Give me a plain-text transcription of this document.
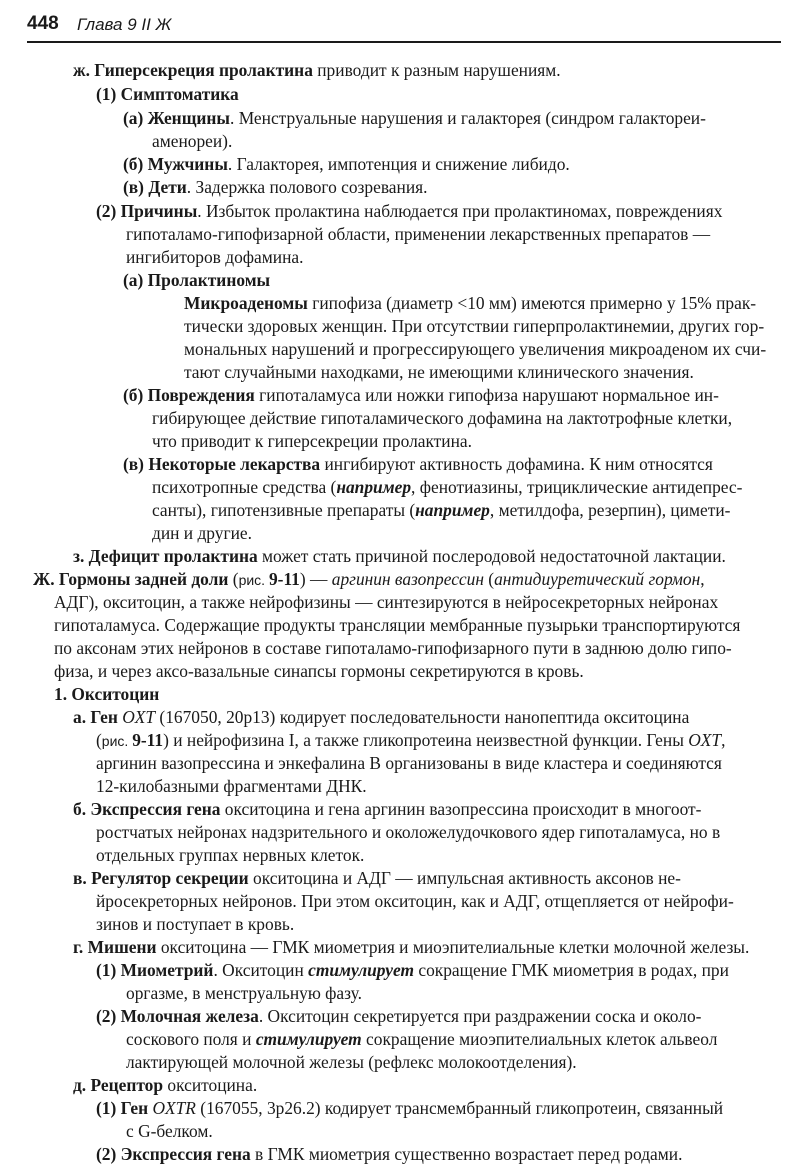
448 Глава 9 II Ж
ж. Гиперсекреция пролактина приводит к разным нарушениям.
(1) Симптоматика
(а) Женщины. Менструальные нарушения и галакторея (синдром галактореи-
аменореи).
(б) Мужчины. Галакторея, импотенция и снижение либидо.
(в) Дети. Задержка полового созревания.
(2) Причины. Избыток пролактина наблюдается при пролактиномах, повреждениях
гипоталамо-гипофизарной области, применении лекарственных препаратов —
ингибиторов дофамина.
(а) Пролактиномы
Микроаденомы гипофиза (диаметр <10 мм) имеются примерно у 15% прак-
тически здоровых женщин. При отсутствии гиперпролактинемии, других гор-
мональных нарушений и прогрессирующего увеличения микроаденом их счи-
тают случайными находками, не имеющими клинического значения.
(б) Повреждения гипоталамуса или ножки гипофиза нарушают нормальное ин-
гибирующее действие гипоталамического дофамина на лактотрофные клетки,
что приводит к гиперсекреции пролактина.
(в) Некоторые лекарства ингибируют активность дофамина. К ним относятся
психотропные средства (например, фенотиазины, трициклические антидепрес-
санты), гипотензивные препараты (например, метилдофа, резерпин), цимети-
дин и другие.
з. Дефицит пролактина может стать причиной послеродовой недостаточной лактации.
Ж. Гормоны задней доли (рис. 9-11) — аргинин вазопрессин (антидиуретический гормон,
АДГ), окситоцин, а также нейрофизины — синтезируются в нейросекреторных нейронах
гипоталамуса. Содержащие продукты трансляции мембранные пузырьки транспортируются
по аксонам этих нейронов в составе гипоталамо-гипофизарного пути в заднюю долю гипо-
физа, и через аксо-вазальные синапсы гормоны секретируются в кровь.
1. Окситоцин
а. Ген OXT (167050, 20p13) кодирует последовательности нанопептида окситоцина
(рис. 9-11) и нейрофизина I, а также гликопротеина неизвестной функции. Гены OXT,
аргинин вазопрессина и энкефалина В организованы в виде кластера и соединяются
12-килобазными фрагментами ДНК.
б. Экспрессия гена окситоцина и гена аргинин вазопрессина происходит в многоот-
ростчатых нейронах надзрительного и околожелудочкового ядер гипоталамуса, но в
отдельных группах нервных клеток.
в. Регулятор секреции окситоцина и АДГ — импульсная активность аксонов не-
йросекреторных нейронов. При этом окситоцин, как и АДГ, отщепляется от нейрофи-
зинов и поступает в кровь.
г. Мишени окситоцина — ГМК миометрия и миоэпителиальные клетки молочной железы.
(1) Миометрий. Окситоцин стимулирует сокращение ГМК миометрия в родах, при
оргазме, в менструальную фазу.
(2) Молочная железа. Окситоцин секретируется при раздражении соска и около-
соскового поля и стимулирует сокращение миоэпителиальных клеток альвеол
лактирующей молочной железы (рефлекс молокоотделения).
д. Рецептор окситоцина.
(1) Ген OXTR (167055, 3p26.2) кодирует трансмембранный гликопротеин, связанный
с G-белком.
(2) Экспрессия гена в ГМК миометрия существенно возрастает перед родами.
